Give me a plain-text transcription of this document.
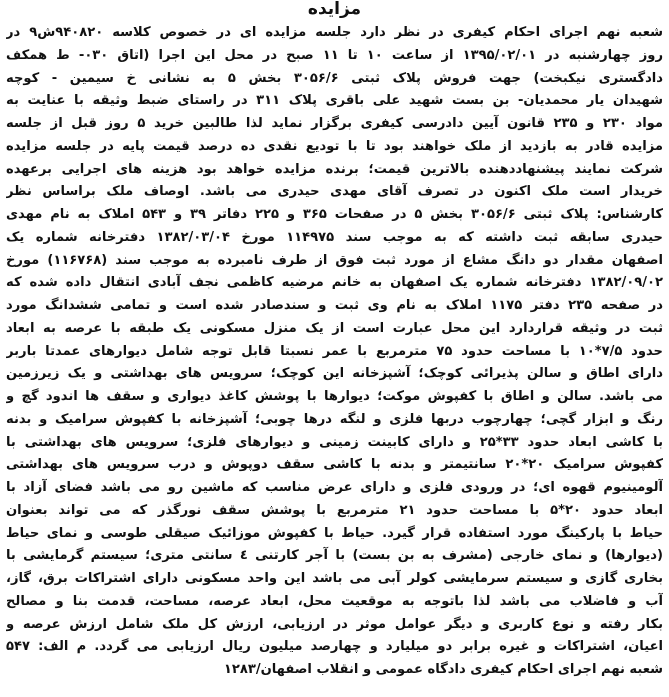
مزایده
شعبه نهم اجرای احکام کیفری در نظر دارد جلسه مزایده ای در خصوص کلاسه ۹۴۰۸۲۰ش۹ در
روز چهارشنبه در ۱۳۹۵/۰۲/۰۱ از ساعت ۱۰ تا ۱۱ صبح در محل این اجرا (اتاق ۰۳۰- ط همکف
دادگستری نیکبخت) جهت فروش پلاک ثبتی ۳۰۵۶/۶ بخش ۵ به نشانی خ سیمین - کوچه
شهیدان یار محمدیان- بن بست شهید علی باقری پلاک ۳۱۱ در راستای ضبط وثیقه با عنایت به
مواد ۲۳۰ و ۲۳۵ قانون آیین دادرسی کیفری برگزار نماید لذا طالبین خرید ۵ روز قبل از جلسه
مزایده قادر به بازدید از ملک خواهند بود تا با تودیع نقدی ده درصد قیمت پایه در جلسه مزایده
شرکت نمایند پیشنهاددهنده بالاترین قیمت؛ برنده مزایده خواهد بود هزینه های اجرایی برعهده
خریدار است ملک اکنون در تصرف آقای مهدی حیدری می باشد. اوصاف ملک براساس نظر
کارشناس: پلاک ثبتی ۳۰۵۶/۶ بخش ۵ در صفحات ۳۶۵ و ۲۲۵ دفاتر ۳۹ و ۵۴۳ املاک به نام مهدی
حیدری سابقه ثبت داشته که به موجب سند ۱۱۴۹۷۵ مورخ ۱۳۸۲/۰۳/۰۴ دفترخانه شماره یک
اصفهان مقدار دو دانگ مشاع از مورد ثبت فوق از طرف نامبرده به موجب سند (۱۱۶۷۶۸) مورخ
۱۳۸۲/۰۹/۰۲ دفترخانه شماره یک اصفهان به خانم مرضیه کاظمی نجف آبادی انتقال داده شده که
در صفحه ۲۳۵ دفتر ۱۱۷۵ املاک به نام وی ثبت و سندصادر شده است و تمامی ششدانگ مورد
ثبت در وثیقه قراردارد این محل عبارت است از یک منزل مسکونی یک طبقه با عرصه به ابعاد
حدود ۷/۵*۱۰ با مساحت حدود ۷۵ مترمربع با عمر نسبتا قابل توجه شامل دیوارهای عمدتا باربر
دارای اطاق و سالن پذیرائی کوچک؛ آشپزخانه این کوچک؛ سرویس های بهداشتی و یک زیرزمین
می باشد. سالن و اطاق با کفپوش موکت؛ دیوارها با پوشش کاغذ دیواری و سقف ها اندود گچ و
رنگ و ابزار گچی؛ چهارچوب دربها فلزی و لنگه درها چوبی؛ آشپزخانه با کفپوش سرامیک و بدنه
با کاشی ابعاد حدود ۳۳*۲۵ و دارای کابینت زمینی و دیوارهای فلزی؛ سرویس های بهداشتی با
کفپوش سرامیک ۲۰*۲۰ سانتیمتر و بدنه با کاشی سقف دوپوش و درب سرویس های بهداشتی
آلومینیوم قهوه ای؛ در ورودی فلزی و دارای عرض مناسب که ماشین رو می باشد فضای آزاد با
ابعاد حدود ۲۰*۵ با مساحت حدود ۲۱ مترمربع با پوشش سقف نورگذر که می تواند بعنوان
حیاط با پارکینگ مورد استفاده قرار گیرد. حیاط با کفپوش موزائیک صیقلی طوسی و نمای حیاط
(دیوارها) و نمای خارجی (مشرف به بن بست) با آجر کارتنی ٤ سانتی متری؛ سیستم گرمایشی با
بخاری گازی و سیستم سرمایشی کولر آبی می باشد این واحد مسکونی دارای اشتراکات برق، گاز،
آب و فاضلاب می باشد لذا باتوجه به موقعیت محل، ابعاد عرصه، مساحت، قدمت بنا و مصالح
بکار رفته و نوع کاربری و دیگر عوامل موثر در ارزیابی، ارزش کل ملک شامل ارزش عرصه و
اعیان، اشتراکات و غیره برابر دو میلیارد و چهارصد میلیون ریال ارزیابی می گردد. م الف: ۵۴۷
شعبه نهم اجرای احکام کیفری دادگاه عمومی و انقلاب اصفهان/۱۲۸۳
